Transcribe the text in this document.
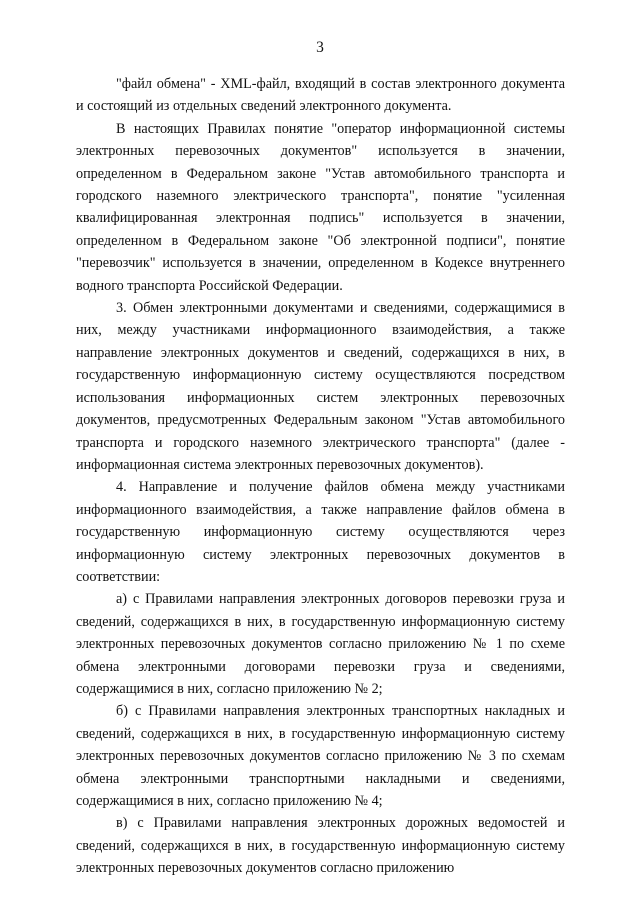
3

"файл обмена" - XML-файл, входящий в состав электронного документа и состоящий из отдельных сведений электронного документа.

В настоящих Правилах понятие "оператор информационной системы электронных перевозочных документов" используется в значении, определенном в Федеральном законе "Устав автомобильного транспорта и городского наземного электрического транспорта", понятие "усиленная квалифицированная электронная подпись" используется в значении, определенном в Федеральном законе "Об электронной подписи", понятие "перевозчик" используется в значении, определенном в Кодексе внутреннего водного транспорта Российской Федерации.

3. Обмен электронными документами и сведениями, содержащимися в них, между участниками информационного взаимодействия, а также направление электронных документов и сведений, содержащихся в них, в государственную информационную систему осуществляются посредством использования информационных систем электронных перевозочных документов, предусмотренных Федеральным законом "Устав автомобильного транспорта и городского наземного электрического транспорта" (далее - информационная система электронных перевозочных документов).

4. Направление и получение файлов обмена между участниками информационного взаимодействия, а также направление файлов обмена в государственную информационную систему осуществляются через информационную систему электронных перевозочных документов в соответствии:

а) с Правилами направления электронных договоров перевозки груза и сведений, содержащихся в них, в государственную информационную систему электронных перевозочных документов согласно приложению № 1 по схеме обмена электронными договорами перевозки груза и сведениями, содержащимися в них, согласно приложению № 2;

б) с Правилами направления электронных транспортных накладных и сведений, содержащихся в них, в государственную информационную систему электронных перевозочных документов согласно приложению № 3 по схемам обмена электронными транспортными накладными и сведениями, содержащимися в них, согласно приложению № 4;

в) с Правилами направления электронных дорожных ведомостей и сведений, содержащихся в них, в государственную информационную систему электронных перевозочных документов согласно приложению
